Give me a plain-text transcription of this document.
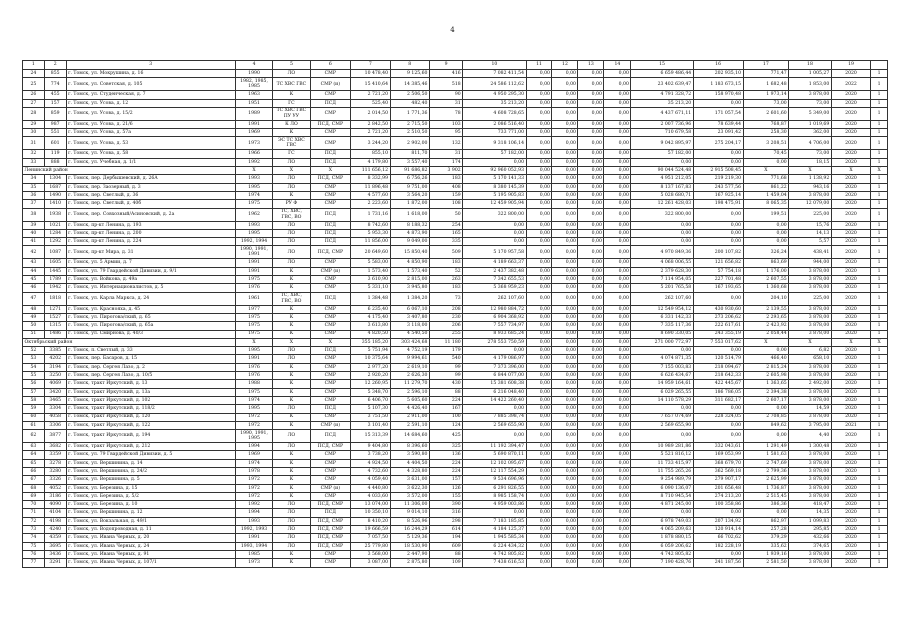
4
1	2	3	4	5	6	7	8	9	10	11	12	13	14	15	16	17	18	19	
24	855	г. Томск, ул. Мокрушина, д. 16	1990	ЛО	СМР	10 478,40	9 125,60	416	7 082 411,54	0,00	0,00	0,00	0,00	6 659 486,44	202 935,10	771,47	1 005,27	2020	1
25	774	г. Томск, ул. Советская, д. 105	1982, 1985, 1985	ТС ХВС ГВС	СМР (и)	15 410,64	14 385,46	518	24 586 112,62	0,00	0,00	0,00	0,00	23 402 639,47	1 183 673,15	1 682,48	1 853,00	2022	1
26	455	г. Томск, ул. Студенческая, д. 7	1963	К	СМР	2 721,20	2 506,50	90	4 950 295,30	0,00	0,00	0,00	0,00	4 791 328,72	158 970,48	1 973,14	3 878,00	2020	1
27	157	г. Томск, ул. Усова, д. 12	1951	ГС	ПСД	525,40	482,40	31	35 213,20	0,00	0,00	0,00	0,00	35 213,20	0,00	73,00	73,00	2020	1
28	859	г. Томск, ул. Усова, д. 15/2	1989	ТС ХВС ГВС ПУ УУ	СМР	2 014,50	1 771,36	78	4 608 728,65	0,00	0,00	0,00	0,00	4 437 671,11	171 057,54	2 601,60	5 349,00	2020	1
29	987	г. Томск, ул. Усова, д. 21/6	1991	К ЛО	ПСД, СМР	2 842,50	2 715,50	103	2 086 516,40	0,00	0,00	0,00	0,00	2 007 736,96	78 639,44	768,87	1 019,69	2020	1
30	551	г. Томск, ул. Усова, д. 57а	1969	К	СМР	2 721,20	2 510,50	95	733 771,00	0,00	0,00	0,00	0,00	710 679,58	23 091,42	258,30	362,00	2020	1
31	601	г. Томск, ул. Усова, д. 53	1973	ЭС ТС ХВС ГВС	СМР	3 244,20	2 902,00	132	9 318 106,14	0,00	0,00	0,00	0,00	9 042 895,97	275 204,17	3 208,51	4 706,00	2020	1
32	119	г. Томск, ул. Усова, д. 58	1966	ГС	ПСД	855,10	811,70	31	57 182,00	0,00	0,00	0,00	0,00	57 182,00	0,00	70,45	73,00	2020	1
33	888	г. Томск, ул. Учебная, д. 1/1	1992	ЛО	ПСД	4 179,80	3 557,40	174	0,00	0,00	0,00	0,00	0,00	0,00	0,00	0,00	18,15	2020	1
Ленинский район			Х	Х	Х	111 656,12	91 686,82	3 902	92 960 052,93	0,00	0,00	0,00	0,00	90 044 524,48	2 915 508,45	Х	Х	Х	Х
34	1304	г. Томск, пер. Дербышевский, д. 26А	1993	ЛО	ПСД, СМР	8 332,99	6 756,26	183	5 170 141,33	0,00	0,00	0,00	0,00	4 951 212,05	219 219,30	771,68	1 138,92	2020	1
35	1687	г. Томск, пер. Заозерный, д. 3	1995	ЛО	СМР	11 896,48	9 751,00	408	8 380 145,39	0,00	0,00	0,00	0,00	8 137 167,83	243 577,56	861,22	943,16	2020	1
36	1490	г. Томск, пер. Светлый, д. 36	1974	К	СМР	4 577,60	3 564,20	159	5 195 905,83	0,00	0,00	0,00	0,00	5 028 680,71	167 925,14	1 459,04	3 878,00	2020	1
37	1410	г. Томск, пер. Светлый, д. 40б	1975	РУ Ф	СМР	2 223,60	1 872,00	108	12 459 905,94	0,00	0,00	0,00	0,00	12 261 428,03	198 475,91	8 065,35	12 079,00	2020	1
38	1938	г. Томск, пер. Совхозный/Асиновский, д. 2а	1962	ТС, ХВС, ГВС, ВО	ПСД	1 731,16	1 618,00	50	322 800,00	0,00	0,00	0,00	0,00	322 800,00	0,00	199,51	225,00	2020	1
39	1021	г. Томск, пр-кт Ленина, д. 193	1993	ЛО	ПСД	8 742,60	8 188,32	254	0,00	0,00	0,00	0,00	0,00	0,00	0,00	0,00	15,76	2020	1
40	1284	г. Томск, пр-кт Ленина, д. 200	1995	ЛО	ПСД	5 953,30	4 873,90	165	0,00	0,00	0,00	0,00	0,00	0,00	0,00	0,00	14,13	2020	1
41	1292	г. Томск, пр-кт Ленина, д. 224	1992, 1994	ЛО	ПСД	11 856,00	9 049,00	335	0,00	0,00	0,00	0,00	0,00	0,00	0,00	0,00	5,57	2020	1
42	1087	г. Томск, пр-кт Мира, д. 31	1990, 1991, 1991	ЛО	ПСД, СМР	20 649,60	15 850,40	509	5 170 957,58	0,00	0,00	0,00	0,00	4 970 849,36	200 107,82	326,24	438,41	2020	1
43	1605	г. Томск, ул. 5 Армии, д. 7	1991	ЛО	СМР	5 583,00	4 850,90	183	4 189 663,37	0,00	0,00	0,00	0,00	4 068 006,55	121 656,82	863,69	944,00	2020	1
44	1445	г. Томск, ул. 79 Гвардейской Дивизии, д. 9/1	1991	К	СМР (и)	1 573,40	1 573,40	52	2 437 382,48	0,00	0,00	0,00	0,00	2 379 628,30	57 754,18	1 176,00	3 878,00	2020	1
45	1789	г. Томск, ул. Войкова, д. 49а	1975	К	СМР	3 610,90	2 815,00	263	7 342 655,53	0,00	0,00	0,00	0,00	7 114 954,05	227 701,48	2 607,55	3 878,00	2020	1
46	1942	г. Томск, ул. Интернационалистов, д. 5	1976	К	СМР	5 331,10	3 945,80	183	5 368 959,23	0,00	0,00	0,00	0,00	5 201 765,58	167 193,65	1 360,68	3 878,00	2020	1
47	1818	г. Томск, ул. Карла Маркса, д. 24	1961	ТС, ХВС, ГВС, ВО	ПСД	1 384,48	1 384,20	73	262 107,60	0,00	0,00	0,00	0,00	262 107,60	0,00	204,10	225,00	2020	1
48	1271	г. Томск, ул. Краснояха, д. 45	1977	К	СМР	6 235,40	6 067,10	208	12 980 884,72	0,00	0,00	0,00	0,00	12 549 954,12	430 930,60	2 139,55	3 878,00	2020	1
49	1527	г. Томск, ул. Пирогова/ский, д. 65	1975	К	СМР	4 175,40	3 407,80	230	6 904 368,92	0,00	0,00	0,00	0,00	6 331 142,33	273 206,62	2 293,65	3 878,00	2020	1
50	1315	г. Томск, ул. Пирогова/ский, д. 65а	1975	К	СМР	3 613,80	3 118,00	206	7 557 734,97	0,00	0,00	0,00	0,00	7 335 117,36	222 617,61	2 423,92	3 878,00	2020	1
51	1486	г. Томск, ул. Смирнова, д. 40/3	1975	К	СМР	4 820,50	4 540,50	255	8 933 685,24	0,00	0,00	0,00	0,00	8 690 330,05	243 355,19	2 058,44	3 878,00	2020	1
Октябрьский район			Х	Х	Х	355 185,20	303 424,68	11 180	278 553 750,59	0,00	0,00	0,00	0,00	271 000 772,97	7 553 017,62	Х	Х	Х	Х
52	3385	г. Томск, п. Светлый, д. 33	1995	ЛО	ПСД	5 751,94	4 752,19	179	0,00	0,00	0,00	0,00	0,00	0,00	0,00	0,00	6,82	2020	1
53	4202	г. Томск, пер. Басаров, д. 15	1991	ЛО	СМР	10 375,64	9 994,61	540	4 179 086,97	0,00	0,00	0,00	0,00	4 074 871,35	120 514,79	466,40	658,10	2020	1
54	3194	г. Томск, пер. Сергея Лазо, д. 2	1976	К	СМР	2 977,20	2 619,10	99	7 373 396,00	0,00	0,00	0,00	0,00	7 155 003,83	218 094,67	2 815,24	3 878,00	2020	1
55	3250	г. Томск, пер. Сергея Лазо, д. 10/5	1976	К	СМР	2 920,20	2 626,30	99	6 844 077,00	0,00	0,00	0,00	0,00	6 626 434,67	218 642,33	2 605,98	3 878,00	2020	1
56	4069	г. Томск, тракт Иркутский, д. 13	1988	К	СМР	12 260,95	11 279,70	430	15 381 608,38	0,00	0,00	0,00	0,00	14 959 164,61	422 445,67	1 363,65	2 492,00	2020	1
57	3420	г. Томск, тракт Иркутский, д. 13а	1975	К	СМР	5 348,70	2 596,10	88	6 216 048,40	0,00	0,00	0,00	0,00	6 029 265,55	186 786,05	2 394,38	3 878,00	2020	1
58	3465	г. Томск, тракт Иркутский, д. 102	1974	К	СМР	6 406,70	5 605,60	224	14 422 260,40	0,00	0,00	0,00	0,00	14 110 578,29	311 682,17	2 607,17	3 878,00	2020	1
59	3304	г. Томск, тракт Иркутский, д. 118/2	1995	ЛО	ПСД	5 107,30	4 426,40	167	0,00	0,00	0,00	0,00	0,00	0,00	0,00	0,00	14,59	2020	1
60	4058	г. Томск, тракт Иркутский, д. 120	1972	К	СМР	3 751,50	2 911,00	100	7 885 398,74	0,00	0,00	0,00	0,00	7 657 074,69	228 324,05	2 708,85	3 878,00	2020	1
61	3306	г. Томск, тракт Иркутский, д. 122	1972	К	СМР (и)	3 101,40	2 591,10	124	2 569 655,90	0,00	0,00	0,00	0,00	2 569 655,90	0,00	849,62	3 795,00	2021	1
62	3877	г. Томск, тракт Иркутский, д. 194	1990, 1991, 1995	ЛО	ПСД	15 313,39	14 684,60	425	0,00	0,00	0,00	0,00	0,00	0,00	0,00	0,00	4,40	2020	1
63	3682	г. Томск, тракт Иркутский, д. 212	1994	ЛО	ПСД, СМР	9 404,80	8 396,60	325	11 192 394,47	0,00	0,00	0,00	0,00	10 989 281,86	332 043,61	1 291,49	1 300,48	2020	1
64	3359	г. Томск, ул. 79 Гвардейской Дивизии, д. 5	1969	К	СМР	3 738,20	3 590,80	136	5 690 870,11	0,00	0,00	0,00	0,00	5 521 816,12	169 053,99	1 581,63	3 878,00	2020	1
65	3278	г. Томск, ул. Вершинина, д. 14	1974	К	СМР	4 924,50	4 404,50	224	12 102 095,67	0,00	0,00	0,00	0,00	11 733 415,97	368 679,70	2 747,69	3 878,00	2020	1
66	3280	г. Томск, ул. Вершинина, д. 24/2	1978	К	СМР	4 732,60	4 328,80	224	12 117 554,29	0,00	0,00	0,00	0,00	11 755 265,26	362 569,18	2 799,36	3 878,00	2020	1
67	3326	г. Томск, ул. Вершинина, д. 5	1972	К	СМР	4 059,40	3 631,00	157	9 534 696,96	0,00	0,00	0,00	0,00	9 254 989,79	279 907,17	2 625,99	3 878,00	2020	1
68	4052	г. Томск, ул. Березина, д. 15	1972	К	СМР (и)	4 440,80	3 622,30	126	6 291 826,55	0,00	0,00	0,00	0,00	6 090 136,07	201 656,48	1 736,87	3 878,00	2020	1
69	3186	г. Томск, ул. Березина, д. 5/2	1972	К	СМР	4 033,60	3 572,00	155	8 985 158,74	0,00	0,00	0,00	0,00	8 710 945,54	274 213,20	2 515,45	3 878,00	2020	1
70	4090	г. Томск, ул. Березина, д. 10	1992	ЛО	ПСД, СМР	13 074,00	11 306,00	390	4 959 003,86	0,00	0,00	0,00	0,00	4 871 245,00	100 358,86	386,36	418,47	2020	1
71	4104	г. Томск, ул. Вершинина, д. 12	1994	ЛО	ПСД	10 350,10	9 014,10	316	0,00	0,00	0,00	0,00	0,00	0,00	0,00	0,00	14,35	2020	1
72	4198	г. Томск, ул. Вокзальная, д. 49/1	1993	ЛО	ПСД, СМР	8 410,20	8 526,96	298	7 183 185,85	0,00	0,00	0,00	0,00	6 978 749,03	207 134,92	862,97	1 099,83	2020	1
73	4240	г. Томск, ул. Водопроводная, д. 11	1992, 1993	ЛО	ПСД, СМР	19 666,59	16 244,29	614	4 184 125,37	0,00	0,00	0,00	0,00	4 065 209,63	120 914,14	257,28	295,85	2020	1
74	4359	г. Томск, ул. Ивана Черных, д. 20	1991	ЛО	ПСД, СМР	7 057,50	5 129,36	194	1 945 585,34	0,00	0,00	0,00	0,00	1 878 880,15	66 702,62	379,29	432,66	2020	1
75	3695	г. Томск, ул. Ивана Черных, д. 24	1993, 1994	ЛО	ПСД, СМР	25 779,80	18 530,90	609	6 224 434,32	0,00	0,00	0,00	0,00	6 059 206,62	182 228,19	335,62	374,65	2020	1
76	3436	г. Томск, ул. Ивана Черных, д. 91	1985	К	СМР	3 568,00	2 447,90	88	4 742 805,82	0,00	0,00	0,00	0,00	4 742 805,82	0,00	1 939,16	3 878,00	2020	1
77	3291	г. Томск, ул. Ивана Черных, д. 107/1	1973	К	СМР	3 087,00	2 875,80	109	7 438 616,53	0,00	0,00	0,00	0,00	7 190 428,76	241 187,56	2 581,50	3 878,00	2020	1
